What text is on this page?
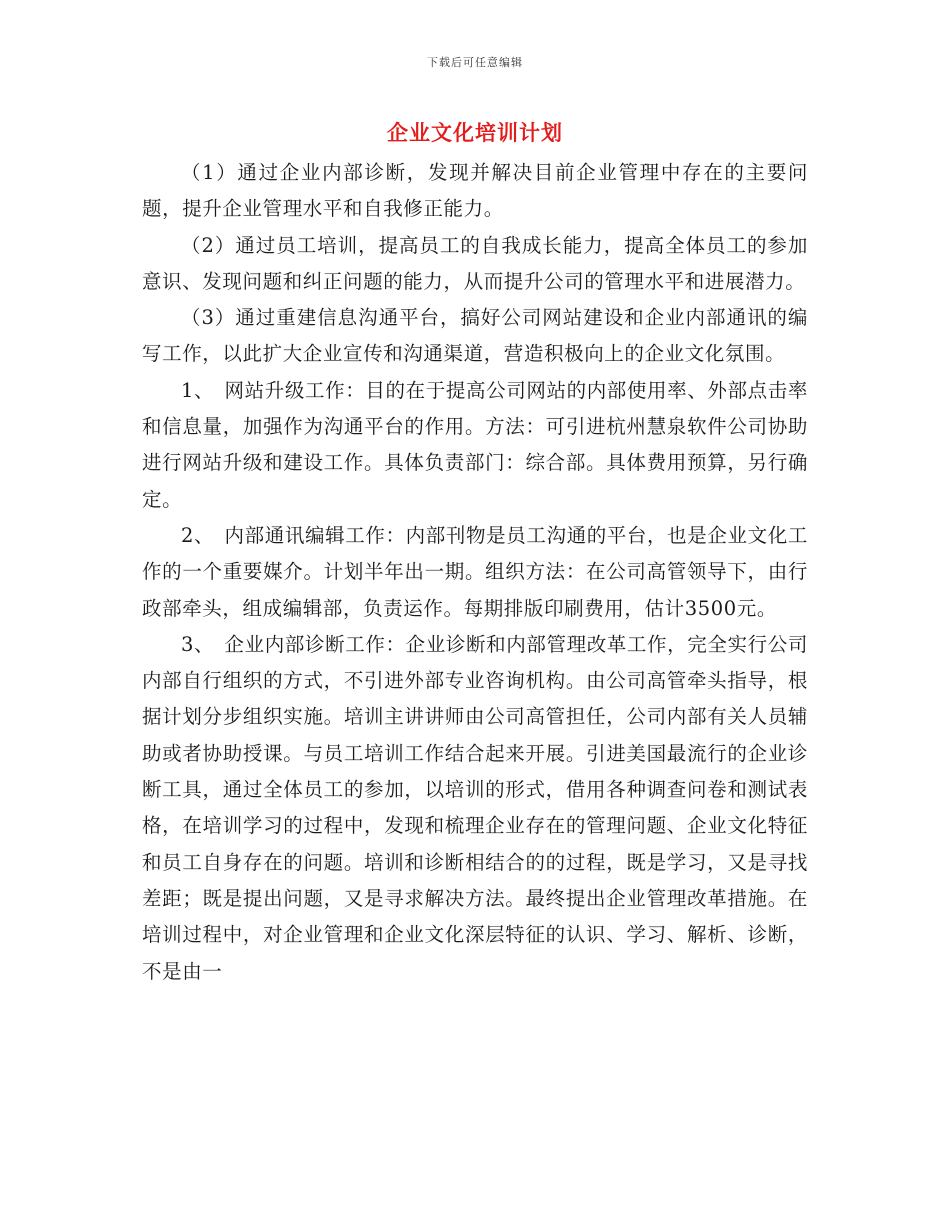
下载后可任意编辑
企业文化培训计划

（1）通过企业内部诊断，发现并解决目前企业管理中存在的主要问题，提升企业管理水平和自我修正能力。

（2）通过员工培训，提高员工的自我成长能力，提高全体员工的参加意识、发现问题和纠正问题的能力，从而提升公司的管理水平和进展潜力。

（3）通过重建信息沟通平台，搞好公司网站建设和企业内部通讯的编写工作，以此扩大企业宣传和沟通渠道，营造积极向上的企业文化氛围。

1、　网站升级工作：目的在于提高公司网站的内部使用率、外部点击率和信息量，加强作为沟通平台的作用。方法：可引进杭州慧泉软件公司协助进行网站升级和建设工作。具体负责部门：综合部。具体费用预算，另行确定。

2、　内部通讯编辑工作：内部刊物是员工沟通的平台，也是企业文化工作的一个重要媒介。计划半年出一期。组织方法：在公司高管领导下，由行政部牵头，组成编辑部，负责运作。每期排版印刷费用，估计3500元。

3、　企业内部诊断工作：企业诊断和内部管理改革工作，完全实行公司内部自行组织的方式，不引进外部专业咨询机构。由公司高管牵头指导，根据计划分步组织实施。培训主讲讲师由公司高管担任，公司内部有关人员辅助或者协助授课。与员工培训工作结合起来开展。引进美国最流行的企业诊断工具，通过全体员工的参加，以培训的形式，借用各种调查问卷和测试表格，在培训学习的过程中，发现和梳理企业存在的管理问题、企业文化特征和员工自身存在的问题。培训和诊断相结合的的过程，既是学习，又是寻找差距；既是提出问题，又是寻求解决方法。最终提出企业管理改革措施。在培训过程中，对企业管理和企业文化深层特征的认识、学习、解析、诊断，不是由一
